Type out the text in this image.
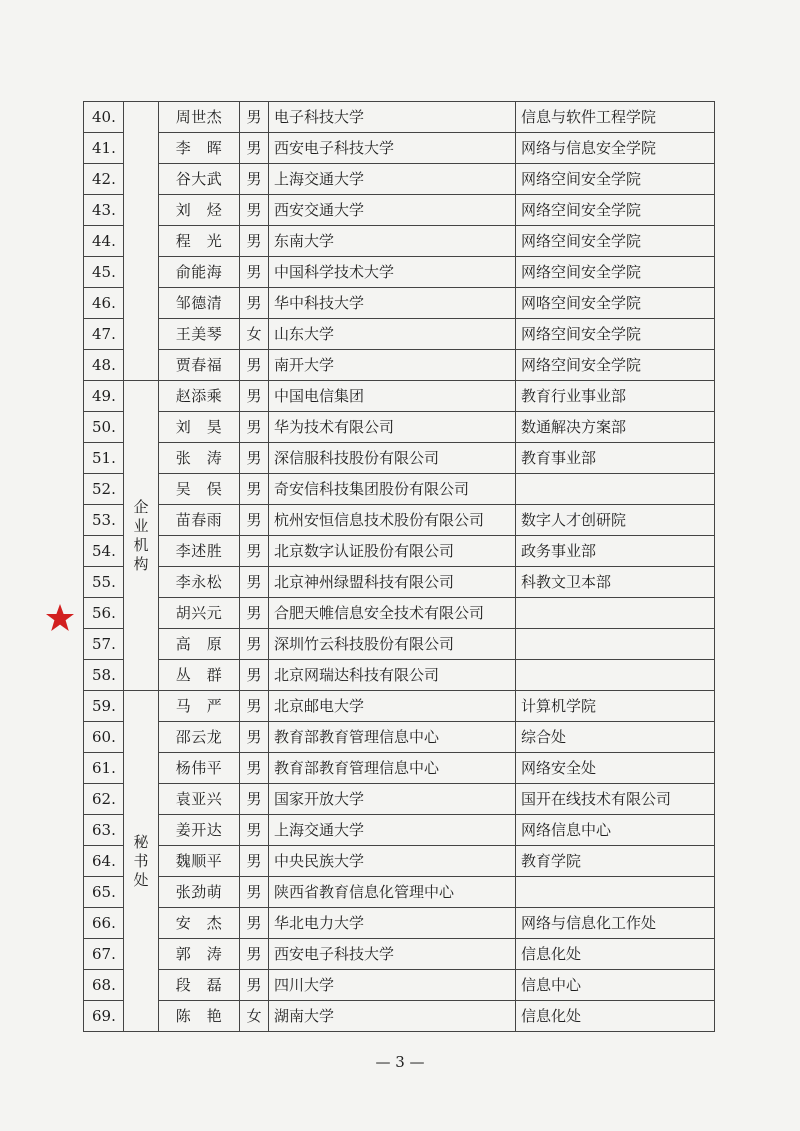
40.		周世杰	男	电子科技大学	信息与软件工程学院
41.		李　晖	男	西安电子科技大学	网络与信息安全学院
42.		谷大武	男	上海交通大学	网络空间安全学院
43.		刘　烃	男	西安交通大学	网络空间安全学院
44.		程　光	男	东南大学	网络空间安全学院
45.		俞能海	男	中国科学技术大学	网络空间安全学院
46.		邹德清	男	华中科技大学	网咯空间安全学院
47.		王美琴	女	山东大学	网络空间安全学院
48.		贾春福	男	南开大学	网络空间安全学院
49.	企业机构	赵添乘	男	中国电信集团	教育行业事业部
50.		刘　昊	男	华为技术有限公司	数通解决方案部
51.		张　涛	男	深信服科技股份有限公司	教育事业部
52.		吴　俣	男	奇安信科技集团股份有限公司	
53.		苗春雨	男	杭州安恒信息技术股份有限公司	数字人才创研院
54.		李述胜	男	北京数字认证股份有限公司	政务事业部
55.		李永松	男	北京神州绿盟科技有限公司	科教文卫本部
56.		胡兴元	男	合肥天帷信息安全技术有限公司	
57.		高　原	男	深圳竹云科技股份有限公司	
58.		丛　群	男	北京网瑞达科技有限公司	
59.	秘书处	马　严	男	北京邮电大学	计算机学院
60.		邵云龙	男	教育部教育管理信息中心	综合处
61.		杨伟平	男	教育部教育管理信息中心	网络安全处
62.		袁亚兴	男	国家开放大学	国开在线技术有限公司
63.		姜开达	男	上海交通大学	网络信息中心
64.		魏顺平	男	中央民族大学	教育学院
65.		张劲萌	男	陕西省教育信息化管理中心	
66.		安　杰	男	华北电力大学	网络与信息化工作处
67.		郭　涛	男	西安电子科技大学	信息化处
68.		段　磊	男	四川大学	信息中心
69.		陈　艳	女	湖南大学	信息化处
— 3 —
